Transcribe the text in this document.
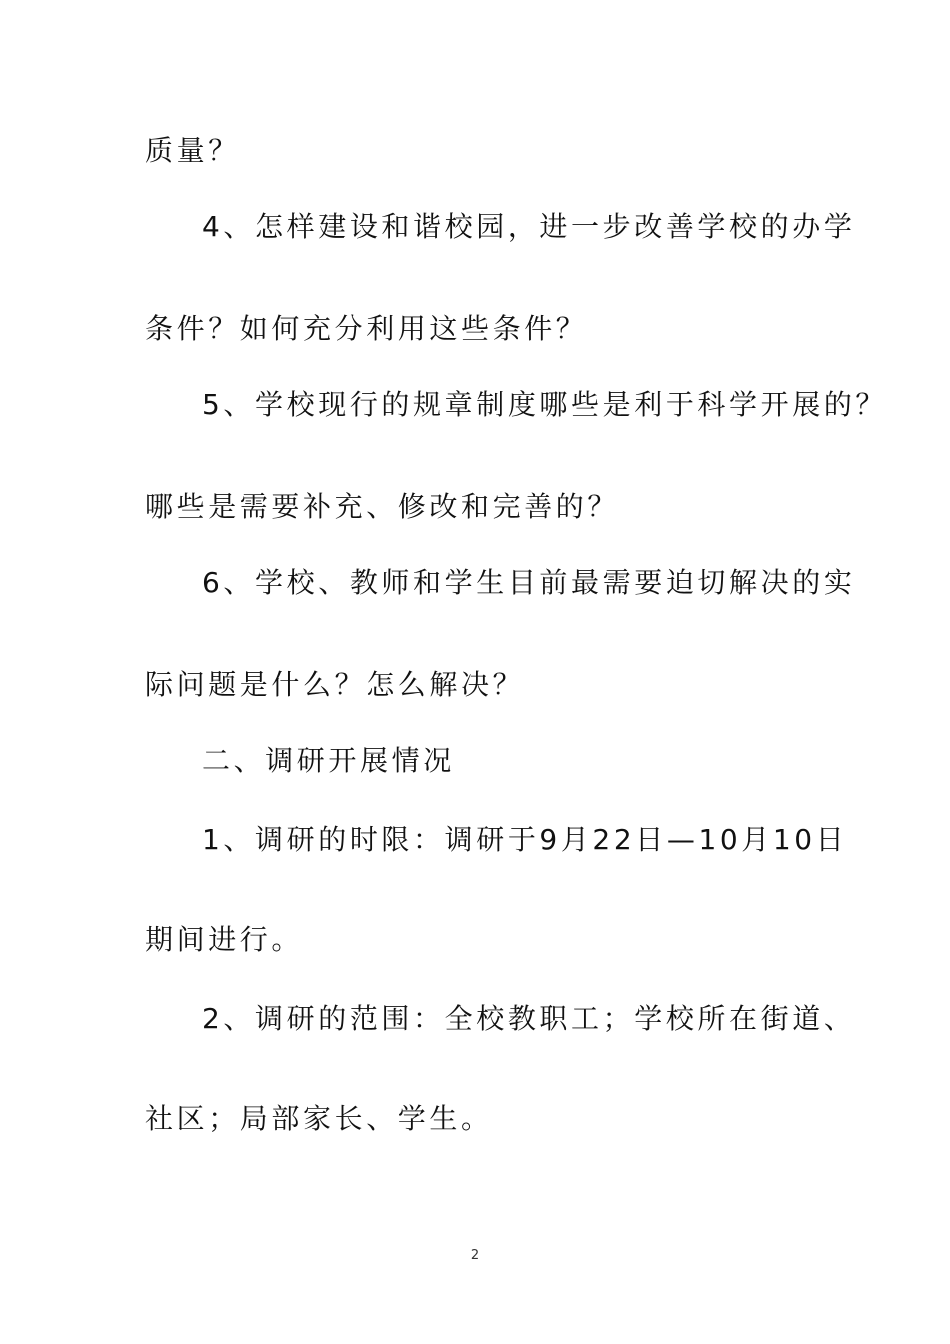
质量？
4、怎样建设和谐校园，进一步改善学校的办学
条件？如何充分利用这些条件？
5、学校现行的规章制度哪些是利于科学开展的？
哪些是需要补充、修改和完善的？
6、学校、教师和学生目前最需要迫切解决的实
际问题是什么？怎么解决？
二、调研开展情况
1、调研的时限：调研于9月22日—10月10日
期间进行。
2、调研的范围：全校教职工；学校所在街道、
社区；局部家长、学生。
2
